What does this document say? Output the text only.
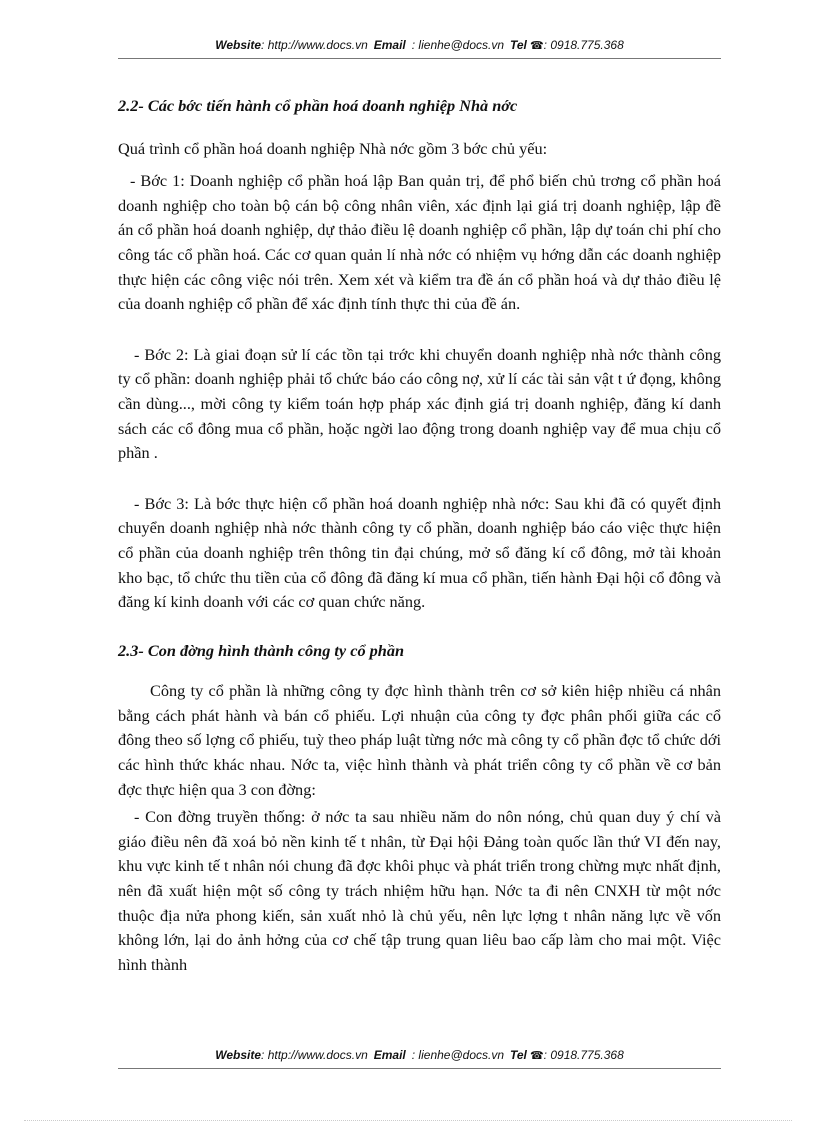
Website: http://www.docs.vn Email : lienhe@docs.vn Tel ☎: 0918.775.368
2.2- Các bớc tiến hành cổ phần hoá doanh nghiệp Nhà nớc

Quá trình cổ phần hoá doanh nghiệp Nhà nớc gồm 3 bớc chủ yếu:

- Bớc 1: Doanh nghiệp cổ phần hoá lập Ban quản trị, để phổ biến chủ trơng cổ phần hoá doanh nghiệp cho toàn bộ cán bộ công nhân viên, xác định lại giá trị doanh nghiệp, lập đề án cổ phần hoá doanh nghiệp, dự thảo điều lệ doanh nghiệp cổ phần, lập dự toán chi phí cho công tác cổ phần hoá. Các cơ quan quản lí nhà nớc có nhiệm vụ hớng dẫn các doanh nghiệp thực hiện các công việc nói trên. Xem xét và kiểm tra đề án cổ phần hoá và dự thảo điều lệ của doanh nghiệp cổ phần để xác định tính thực thi của đề án.

- Bớc 2: Là giai đoạn sử lí các tồn tại trớc khi chuyển doanh nghiệp nhà nớc thành công ty cổ phần: doanh nghiệp phải tổ chức báo cáo công nợ, xử lí các tài sản vật t ứ đọng, không cần dùng..., mời công ty kiểm toán hợp pháp xác định giá trị doanh nghiệp, đăng kí danh sách các cổ đông mua cổ phần, hoặc ngời lao động trong doanh nghiệp vay để mua chịu cổ phần .

- Bớc 3: Là bớc thực hiện cổ phần hoá doanh nghiệp nhà nớc: Sau khi đã có quyết định chuyển doanh nghiệp nhà nớc thành công ty cổ phần, doanh nghiệp báo cáo việc thực hiện cổ phần của doanh nghiệp trên thông tin đại chúng, mở sổ đăng kí cổ đông, mở tài khoản kho bạc, tổ chức thu tiền của cổ đông đã đăng kí mua cổ phần, tiến hành Đại hội cổ đông và đăng kí kinh doanh với các cơ quan chức năng.

2.3- Con đờng hình thành công ty cổ phần

Công ty cổ phần là những công ty đợc hình thành trên cơ sở kiên hiệp nhiều cá nhân bằng cách phát hành và bán cổ phiếu. Lợi nhuận của công ty đợc phân phối giữa các cổ đông theo số lợng cổ phiếu, tuỳ theo pháp luật từng nớc mà công ty cổ phần đợc tổ chức dới các hình thức khác nhau. Nớc ta, việc hình thành và phát triển công ty cổ phần về cơ bản đợc thực hiện qua 3 con đờng:

- Con đờng truyền thống: ở nớc ta sau nhiều năm do nôn nóng, chủ quan duy ý chí và giáo điều nên đã xoá bỏ nền kinh tế t nhân, từ Đại hội Đảng toàn quốc lần thứ VI đến nay, khu vực kinh tế t nhân nói chung đã đợc khôi phục và phát triển trong chừng mực nhất định, nên đã xuất hiện một số công ty trách nhiệm hữu hạn. Nớc ta đi nên CNXH từ một nớc thuộc địa nửa phong kiến, sản xuất nhỏ là chủ yếu, nên lực lợng t nhân năng lực về vốn không lớn, lại do ảnh hởng của cơ chế tập trung quan liêu bao cấp làm cho mai một. Việc hình thành

Website: http://www.docs.vn Email : lienhe@docs.vn Tel ☎: 0918.775.368
